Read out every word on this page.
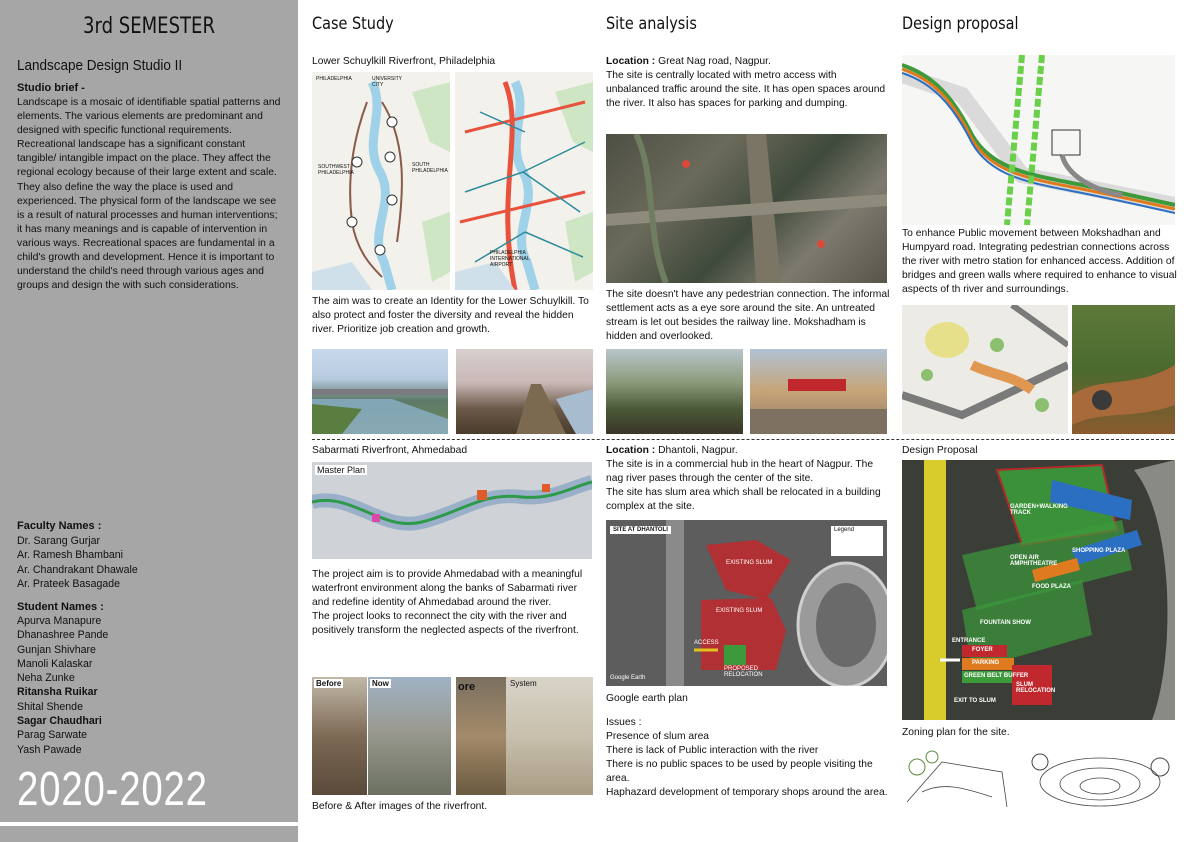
3rd SEMESTER
Landscape Design Studio II
Studio brief -
Landscape is a mosaic of identifiable spatial patterns and elements. The various elements are predominant and designed with specific functional requirements. Recreational landscape has a significant constant tangible/ intangible impact on the place. They affect the regional ecology because of their large extent and scale. They also define the way the place is used and experienced. The physical form of the landscape we see is a result of natural processes and human interventions; it has many meanings and is capable of intervention in various ways. Recreational spaces are fundamental in a child's growth and development. Hence it is important to understand the child's need through various ages and groups and design the with such considerations.
Faculty Names :
Dr. Sarang Gurjar
Ar. Ramesh Bhambani
Ar. Chandrakant Dhawale
Ar. Prateek Basagade
Student Names :
Apurva Manapure
Dhanashree Pande
Gunjan Shivhare
Manoli Kalaskar
Neha Zunke
Ritansha Ruikar
Shital Shende
Sagar Chaudhari
Parag Sarwate
Yash Pawade
2020-2022
Case Study	Site analysis	Design proposal
Lower Schuylkill Riverfront, Philadelphia
PHILADELPHIA	UNIVERSITY CITY
SOUTHWEST PHILADELPHIA
SOUTH PHILADELPHIA
PHILADELPHIA INTERNATIONAL AIRPORT
The aim was to create an Identity for the Lower Schuylkill. To also protect and foster the diversity and reveal the hidden river. Prioritize job creation and growth.
Sabarmati Riverfront, Ahmedabad
Master Plan
The project aim is to provide Ahmedabad with a meaningful waterfront environment along the banks of Sabarmati river and redefine identity of Ahmedabad around the river.
The project looks to reconnect the city with the river and positively transform the neglected aspects of the riverfront.
Before	Now	ore	System
Before & After images of the riverfront.
Location : Great Nag road, Nagpur.
The site is centrally located with metro access with unbalanced traffic around the site. It has open spaces around the river. It also has spaces for parking and dumping.
The site doesn't have any pedestrian connection. The informal settlement acts as a eye sore around the site. An untreated stream is let out besides the railway line. Mokshadham is hidden and overlooked.
Location : Dhantoli, Nagpur.
The site is in a commercial hub in the heart of Nagpur. The nag river pases through the center of the site.
The site has slum area which shall be relocated in a building complex at the site.
SITE AT DHANTOLI
EXISTING SLUM
EXISTING SLUM
ACCESS
PROPOSED RELOCATION
Legend
Google Earth
Google earth plan
Issues :
Presence of slum area
There is lack of Public interaction with the river
There is no public spaces to be used by people visiting the area.
Haphazard development of temporary shops around the area.
To enhance Public movement between Mokshadhan and Humpyard road. Integrating pedestrian connections across the river with metro station for enhanced access. Addition of bridges and green walls where required to enhance to visual aspects of th river and surroundings.
Design Proposal
GARDEN+WALKING TRACK
FOUNTAIN SHOW
FOYER
PARKING
GREEN BELT BUFFER
SLUM RELOCATION
FOOD PLAZA
SHOPPING PLAZA
OPEN AIR AMPHITHEATRE
ENTRANCE
EXIT TO SLUM
Zoning plan for the site.
